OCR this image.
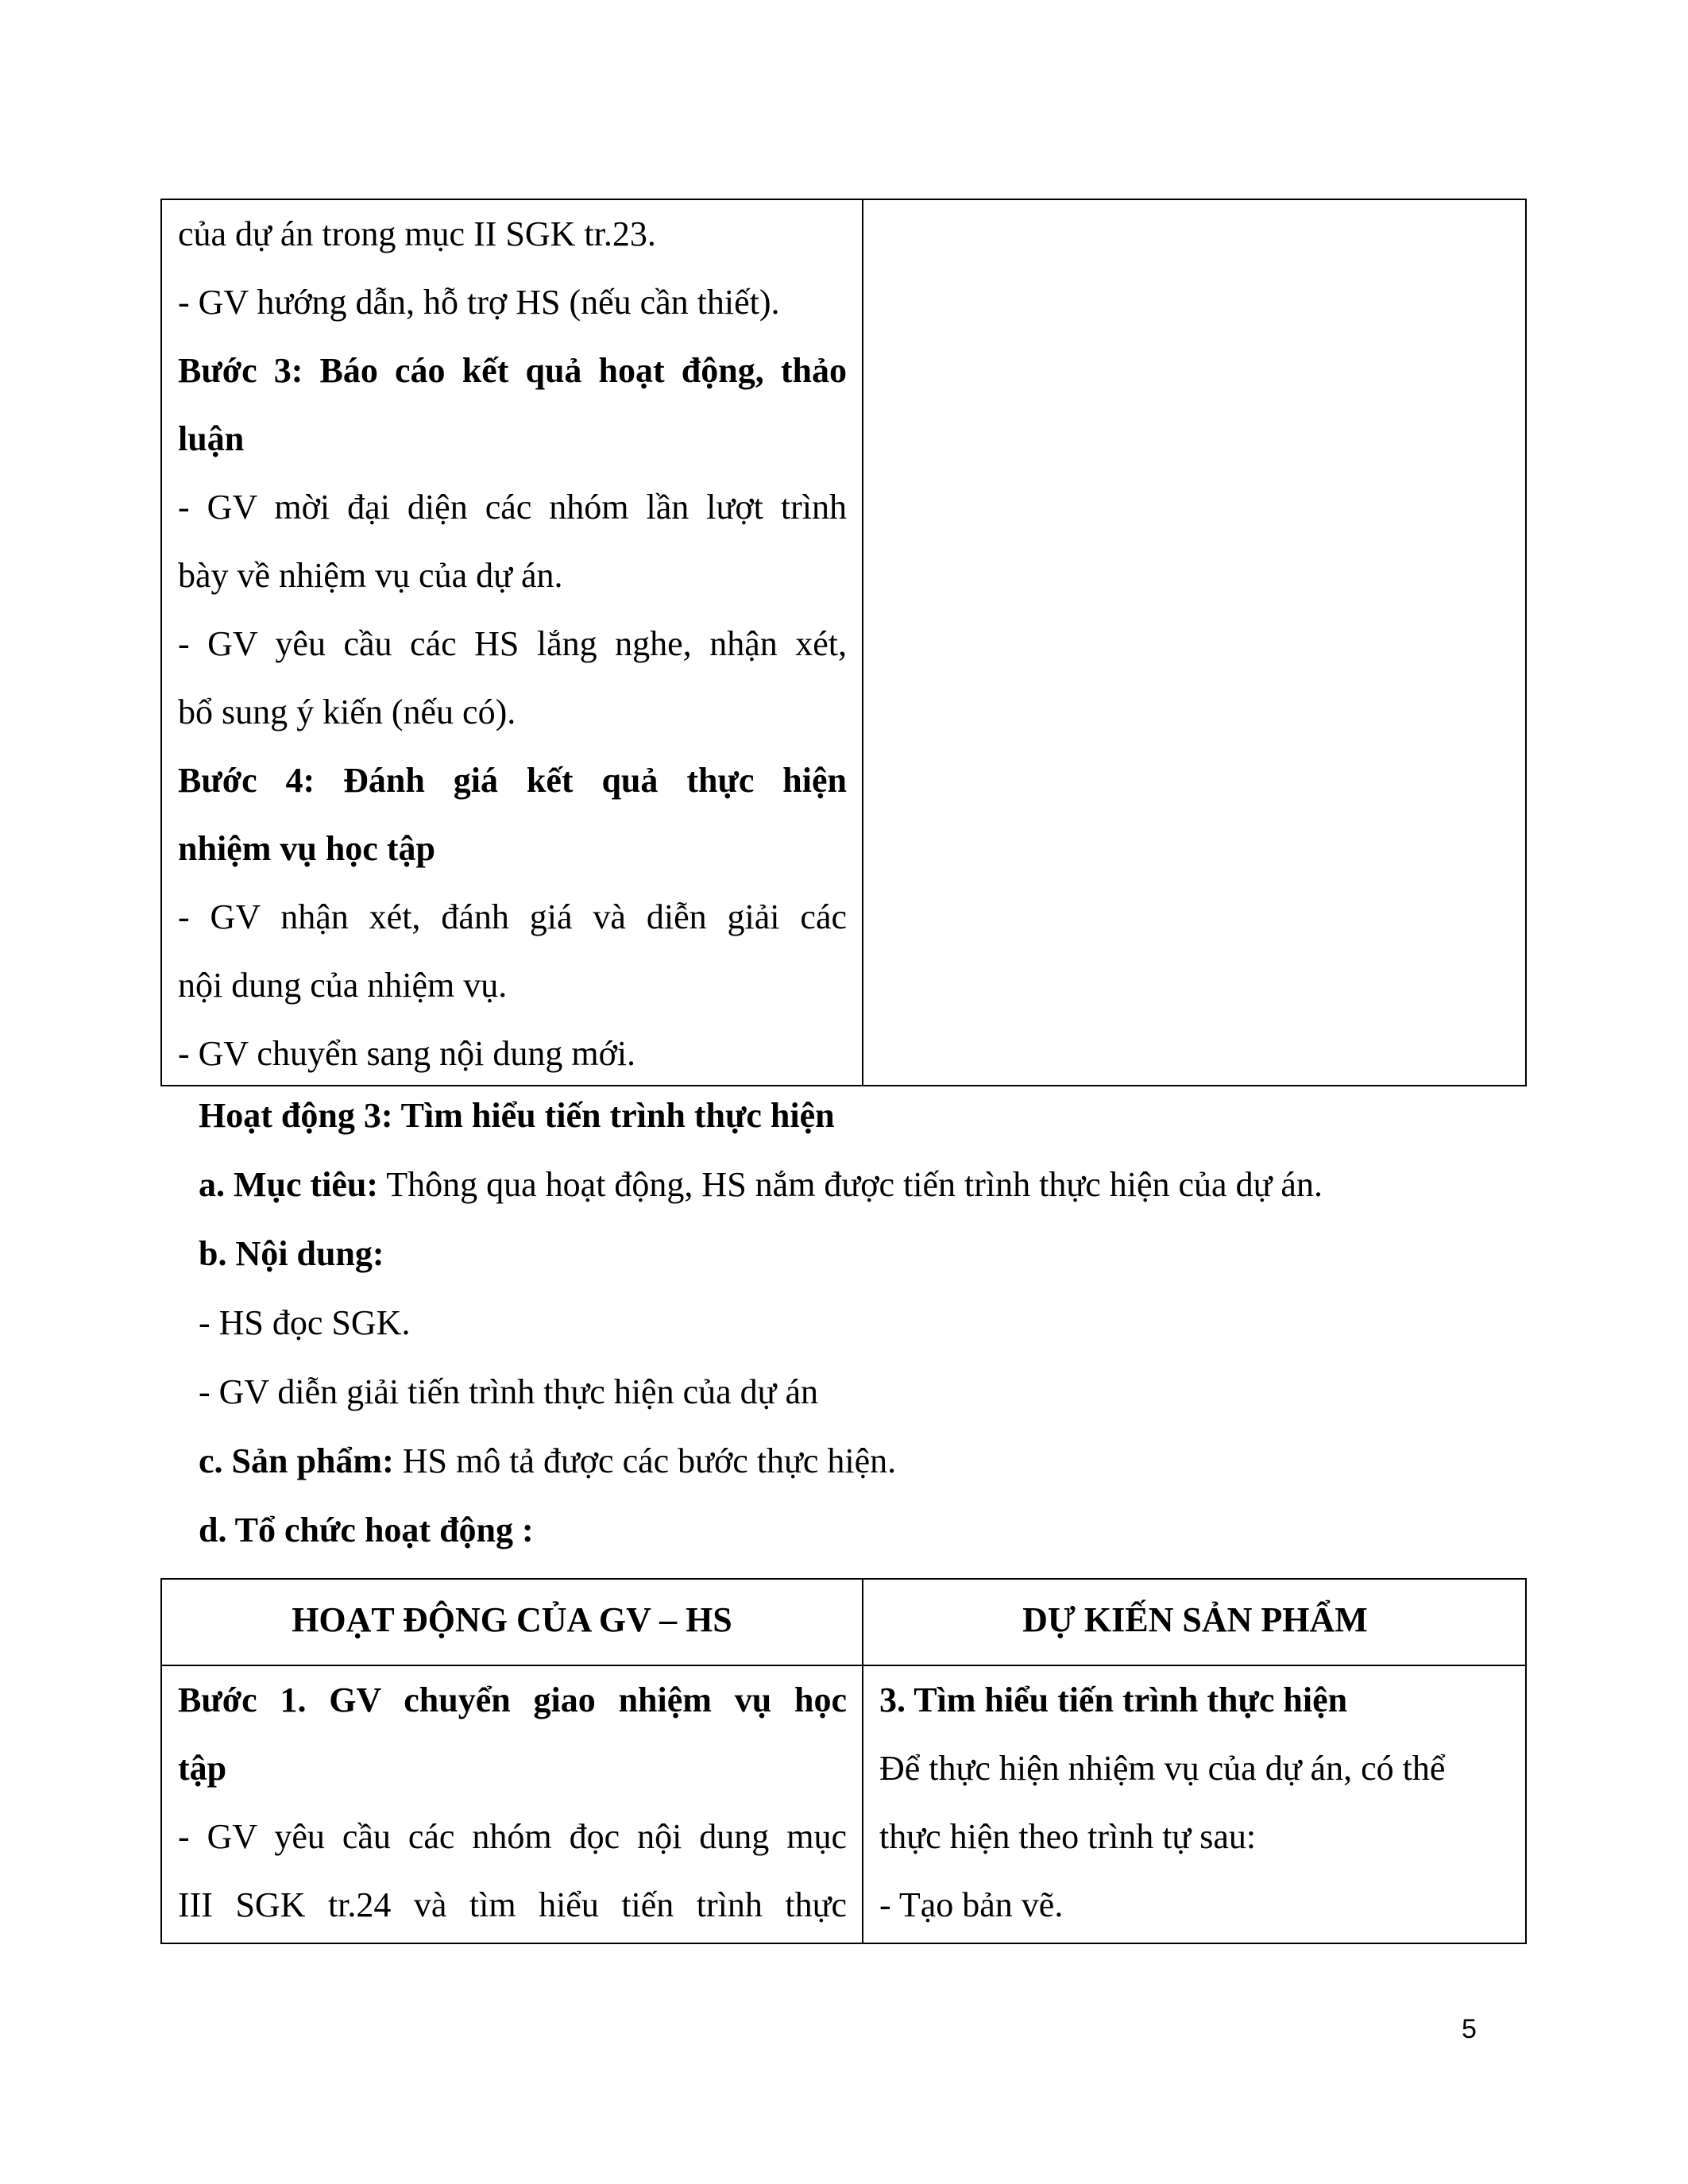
của dự án trong mục II SGK tr.23.
- GV hướng dẫn, hỗ trợ HS (nếu cần thiết).
Bước 3: Báo cáo kết quả hoạt động, thảo
luận
- GV mời đại diện các nhóm lần lượt trình
bày về nhiệm vụ của dự án.
- GV yêu cầu các HS lắng nghe, nhận xét,
bổ sung ý kiến (nếu có).
Bước 4: Đánh giá kết quả thực hiện
nhiệm vụ học tập
- GV nhận xét, đánh giá và diễn giải các
nội dung của nhiệm vụ.
- GV chuyển sang nội dung mới.
Hoạt động 3: Tìm hiểu tiến trình thực hiện
a. Mục tiêu: Thông qua hoạt động, HS nắm được tiến trình thực hiện của dự án.
b. Nội dung:
- HS đọc SGK.
- GV diễn giải tiến trình thực hiện của dự án
c. Sản phẩm: HS mô tả được các bước thực hiện.
d. Tổ chức hoạt động :
HOẠT ĐỘNG CỦA GV – HS	DỰ KIẾN SẢN PHẨM
Bước 1. GV chuyển giao nhiệm vụ học
tập
- GV yêu cầu các nhóm đọc nội dung mục
III SGK tr.24 và tìm hiểu tiến trình thực
3. Tìm hiểu tiến trình thực hiện
Để thực hiện nhiệm vụ của dự án, có thể
thực hiện theo trình tự sau:
- Tạo bản vẽ.
5
